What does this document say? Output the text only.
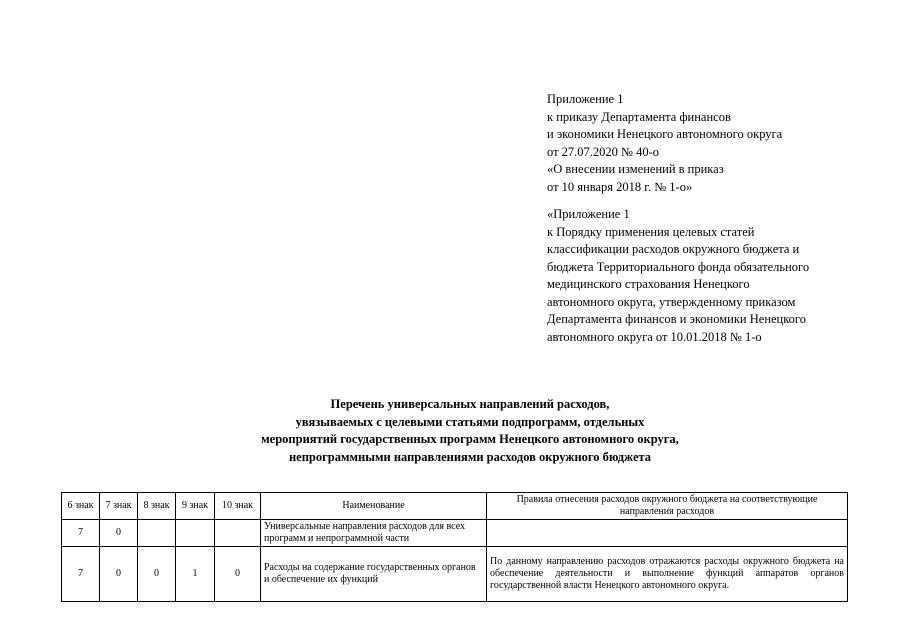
Приложение 1
к приказу Департамента финансов
и экономики Ненецкого автономного округа
от 27.07.2020 № 40-о
«О внесении изменений в приказ
от 10 января 2018 г. № 1-о»
«Приложение 1
к Порядку применения целевых статей
классификации расходов окружного бюджета и
бюджета Территориального фонда обязательного
медицинского страхования Ненецкого
автономного округа, утвержденному приказом
Департамента финансов и экономики Ненецкого
автономного округа от 10.01.2018 № 1-о
Перечень универсальных направлений расходов,
увязываемых с целевыми статьями подпрограмм, отдельных
мероприятий государственных программ Ненецкого автономного округа,
непрограммными направлениями расходов окружного бюджета
6 знак	7 знак	8 знак	9 знак	10 знак	Наименование	Правила отнесения расходов окружного бюджета на соответствующие направления расходов
7	0				Универсальные направления расходов для всех программ и непрограммной части	
7	0	0	1	0	Расходы на содержание государственных органов и обеспечение их функций	По данному направлению расходов отражаются расходы окружного бюджета на обеспечение деятельности и выполнение функций аппаратов органов государственной власти Ненецкого автономного округа.
